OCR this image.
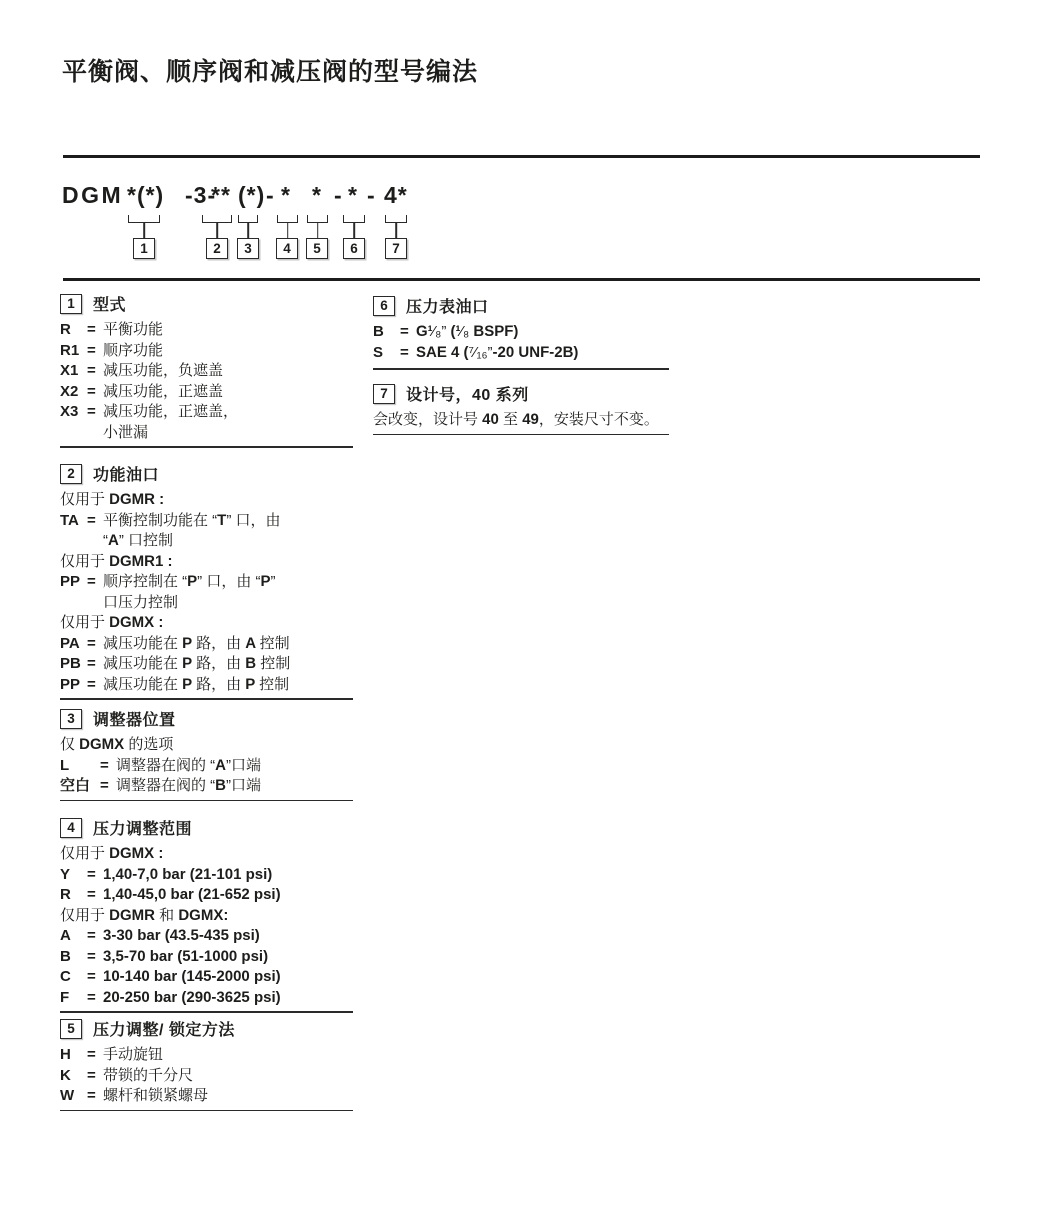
平衡阀、顺序阀和减压阀的型号编法
DGM *(*) -3-
** (*) - * * - * - 4*
1	2	3	4	5	6	7
1	型式
R	= 平衡功能
R1 = 顺序功能
X1 = 减压功能，负遮盖
X2 = 减压功能，正遮盖
X3 = 减压功能，正遮盖，
小泄漏
2	功能油口
仅用于 DGMR :
TA = 平衡控制功能在 “T” 口，由
“A” 口控制
仅用于 DGMR1 :
PP = 顺序控制在 “P” 口，由 “P”
口压力控制
仅用于 DGMX :
PA = 减压功能在 P 路，由 A 控制
PB = 减压功能在 P 路，由 B 控制
PP = 减压功能在 P 路，由 P 控制
3	调整器位置
仅 DGMX 的选项
L	= 调整器在阀的 “A”口端
空白 = 调整器在阀的 “B”口端
4	压力调整范围
仅用于 DGMX :
Y	= 1,40-7,0 bar (21-101 psi)
R	= 1,40-45,0 bar (21-652 psi)
仅用于 DGMR 和 DGMX:
A	= 3-30 bar (43.5-435 psi)
B	= 3,5-70 bar (51-1000 psi)
C	= 10-140 bar (145-2000 psi)
F	= 20-250 bar (290-3625 psi)
5	压力调整/ 锁定方法
H	= 手动旋钮
K	= 带锁的千分尺
W = 螺杆和锁紧螺母
6	压力表油口
B	= G¹⁄₈” (¹⁄₈ BSPF)
S	= SAE 4 (⁷⁄₁₆”-20 UNF-2B)
7	设计号，40 系列
会改变，设计号 40 至 49，安装尺寸不变。
